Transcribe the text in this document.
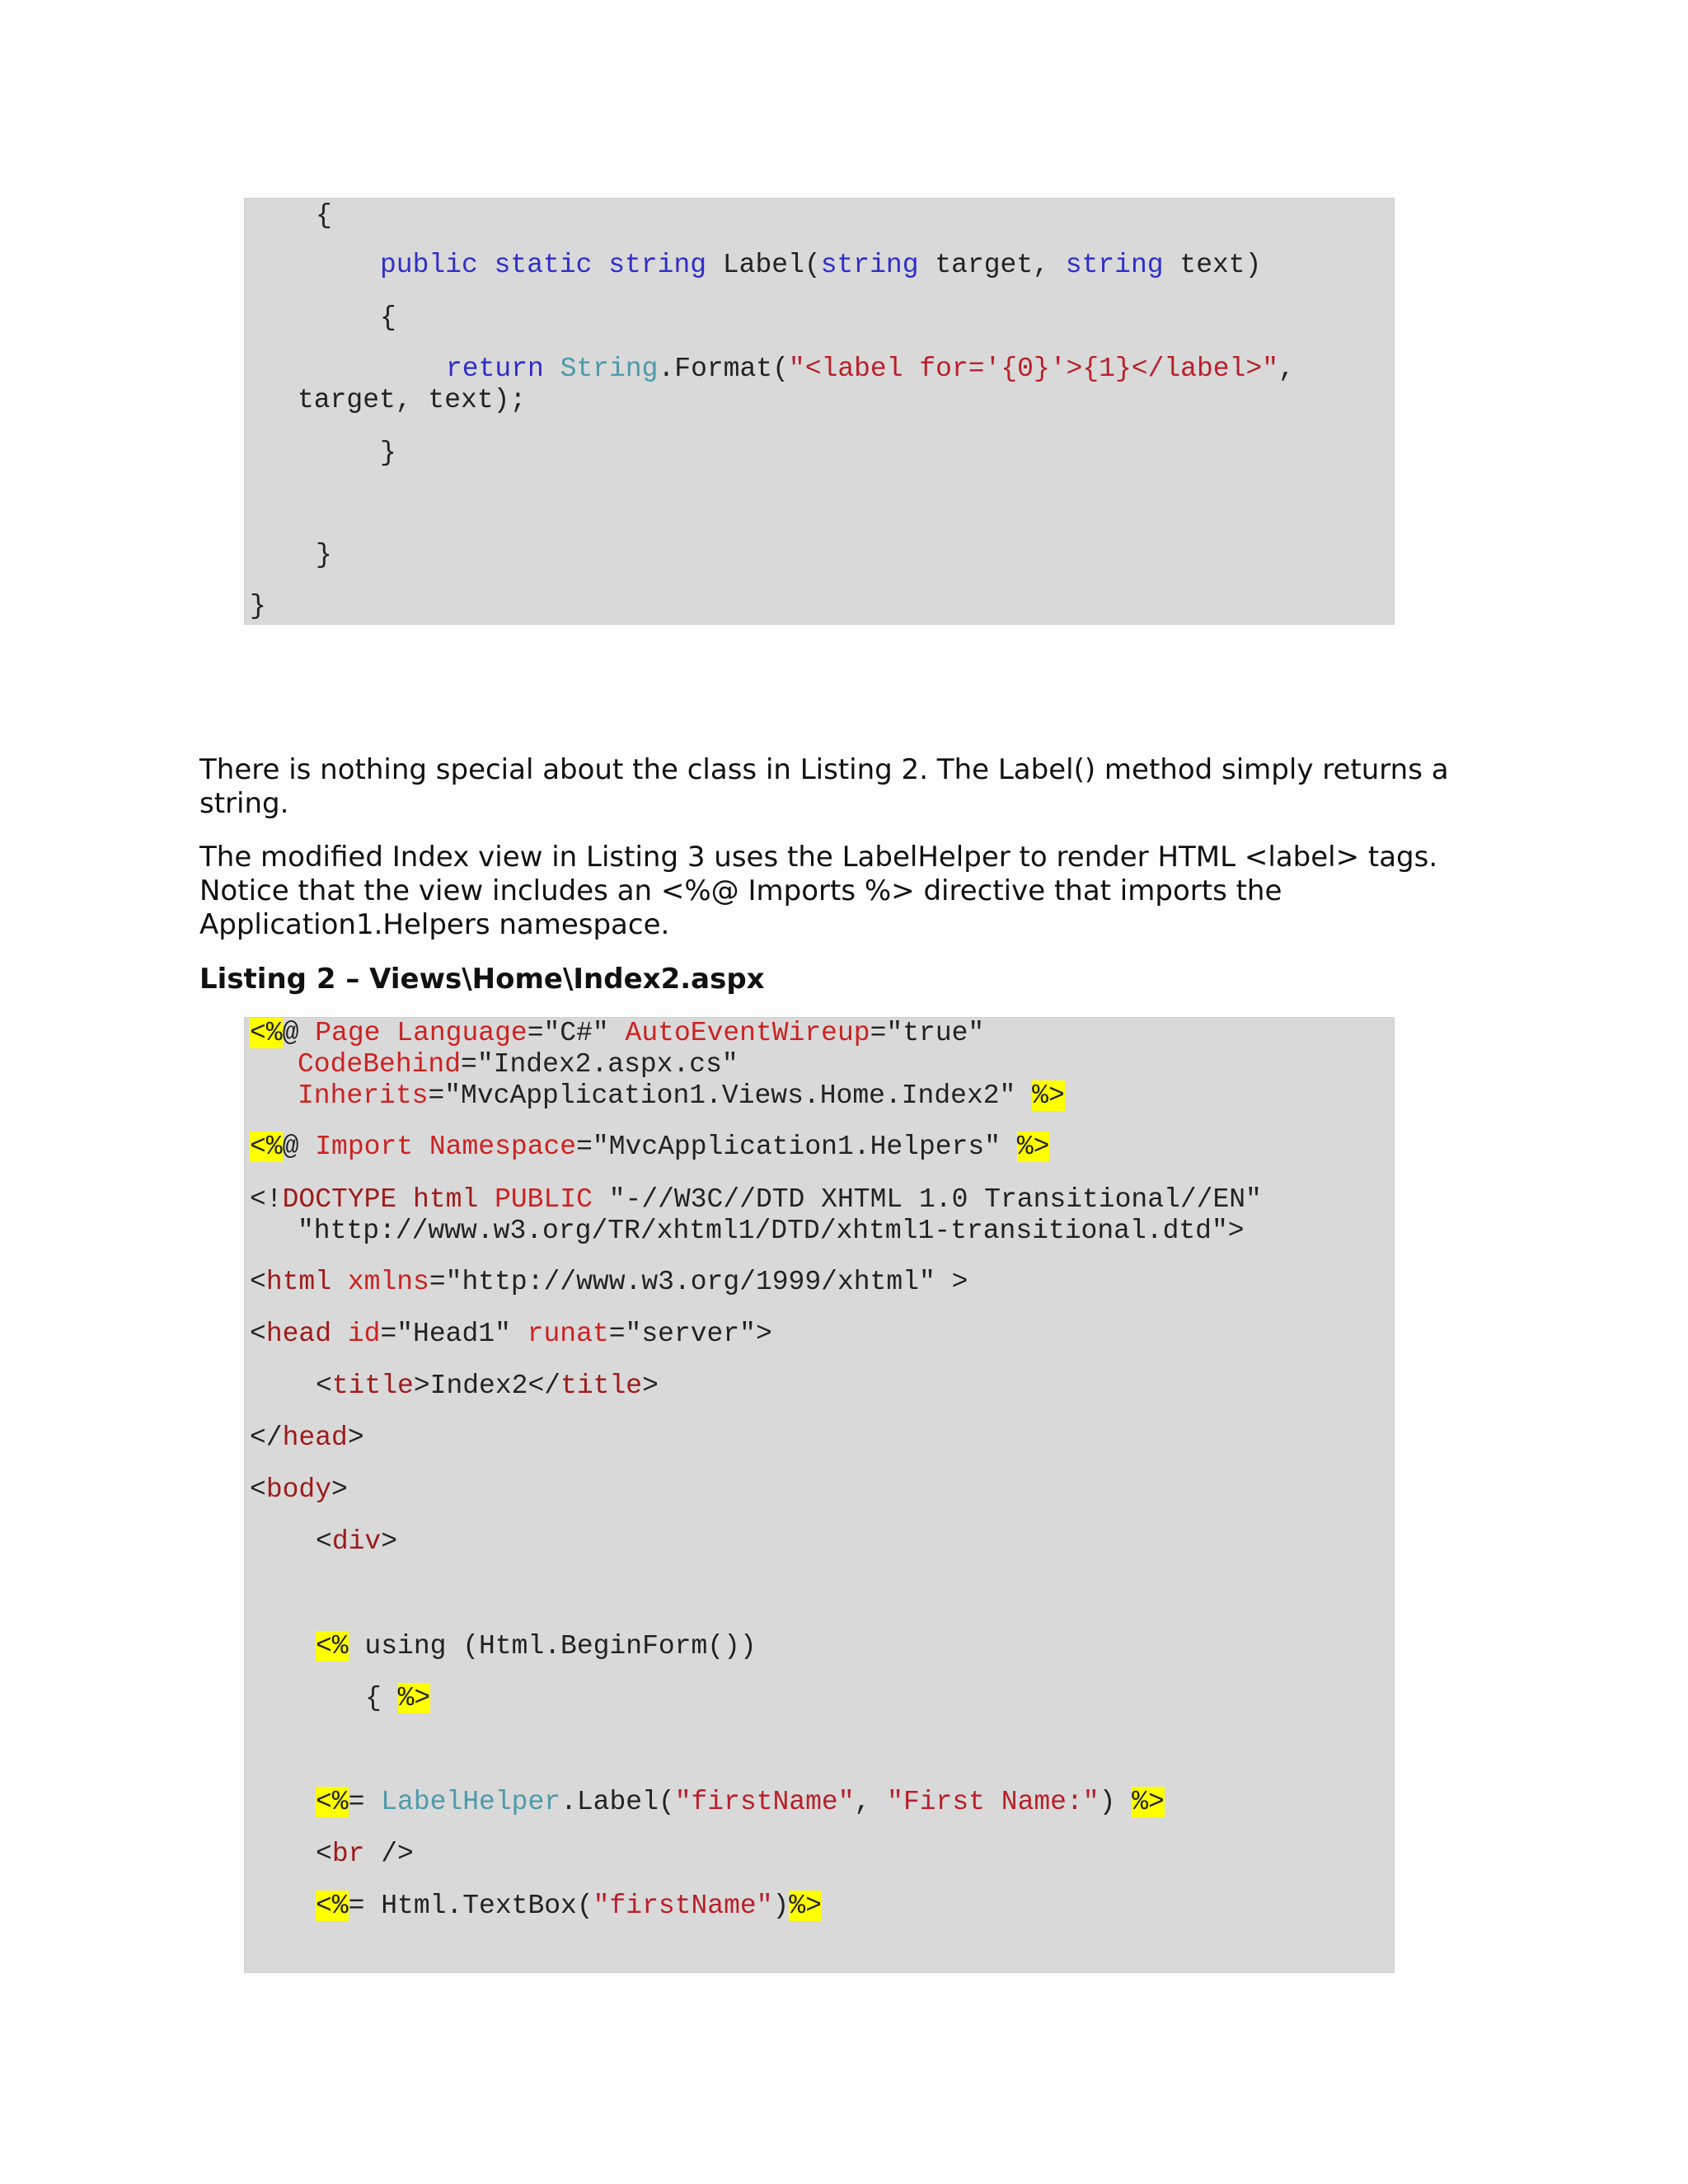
{
public static string Label(string target, string text)
{
return String.Format("<label for='{0}'>{1}</label>",
target, text);
}
}
}

There is nothing special about the class in Listing 2. The Label() method simply returns a string.

The modified Index view in Listing 3 uses the LabelHelper to render HTML <label> tags. Notice that the view includes an <%@ Imports %> directive that imports the Application1.Helpers namespace.

Listing 2 – Views\Home\Index2.aspx

<%@ Page Language="C#" AutoEventWireup="true"
CodeBehind="Index2.aspx.cs"
Inherits="MvcApplication1.Views.Home.Index2" %>
<%@ Import Namespace="MvcApplication1.Helpers" %>
<!DOCTYPE html PUBLIC "-//W3C//DTD XHTML 1.0 Transitional//EN"
"http://www.w3.org/TR/xhtml1/DTD/xhtml1-transitional.dtd">
<html xmlns="http://www.w3.org/1999/xhtml" >
<head id="Head1" runat="server">
<title>Index2</title>
</head>
<body>
<div>
<% using (Html.BeginForm())
{ %>
<%= LabelHelper.Label("firstName", "First Name:") %>
<br />
<%= Html.TextBox("firstName")%>
